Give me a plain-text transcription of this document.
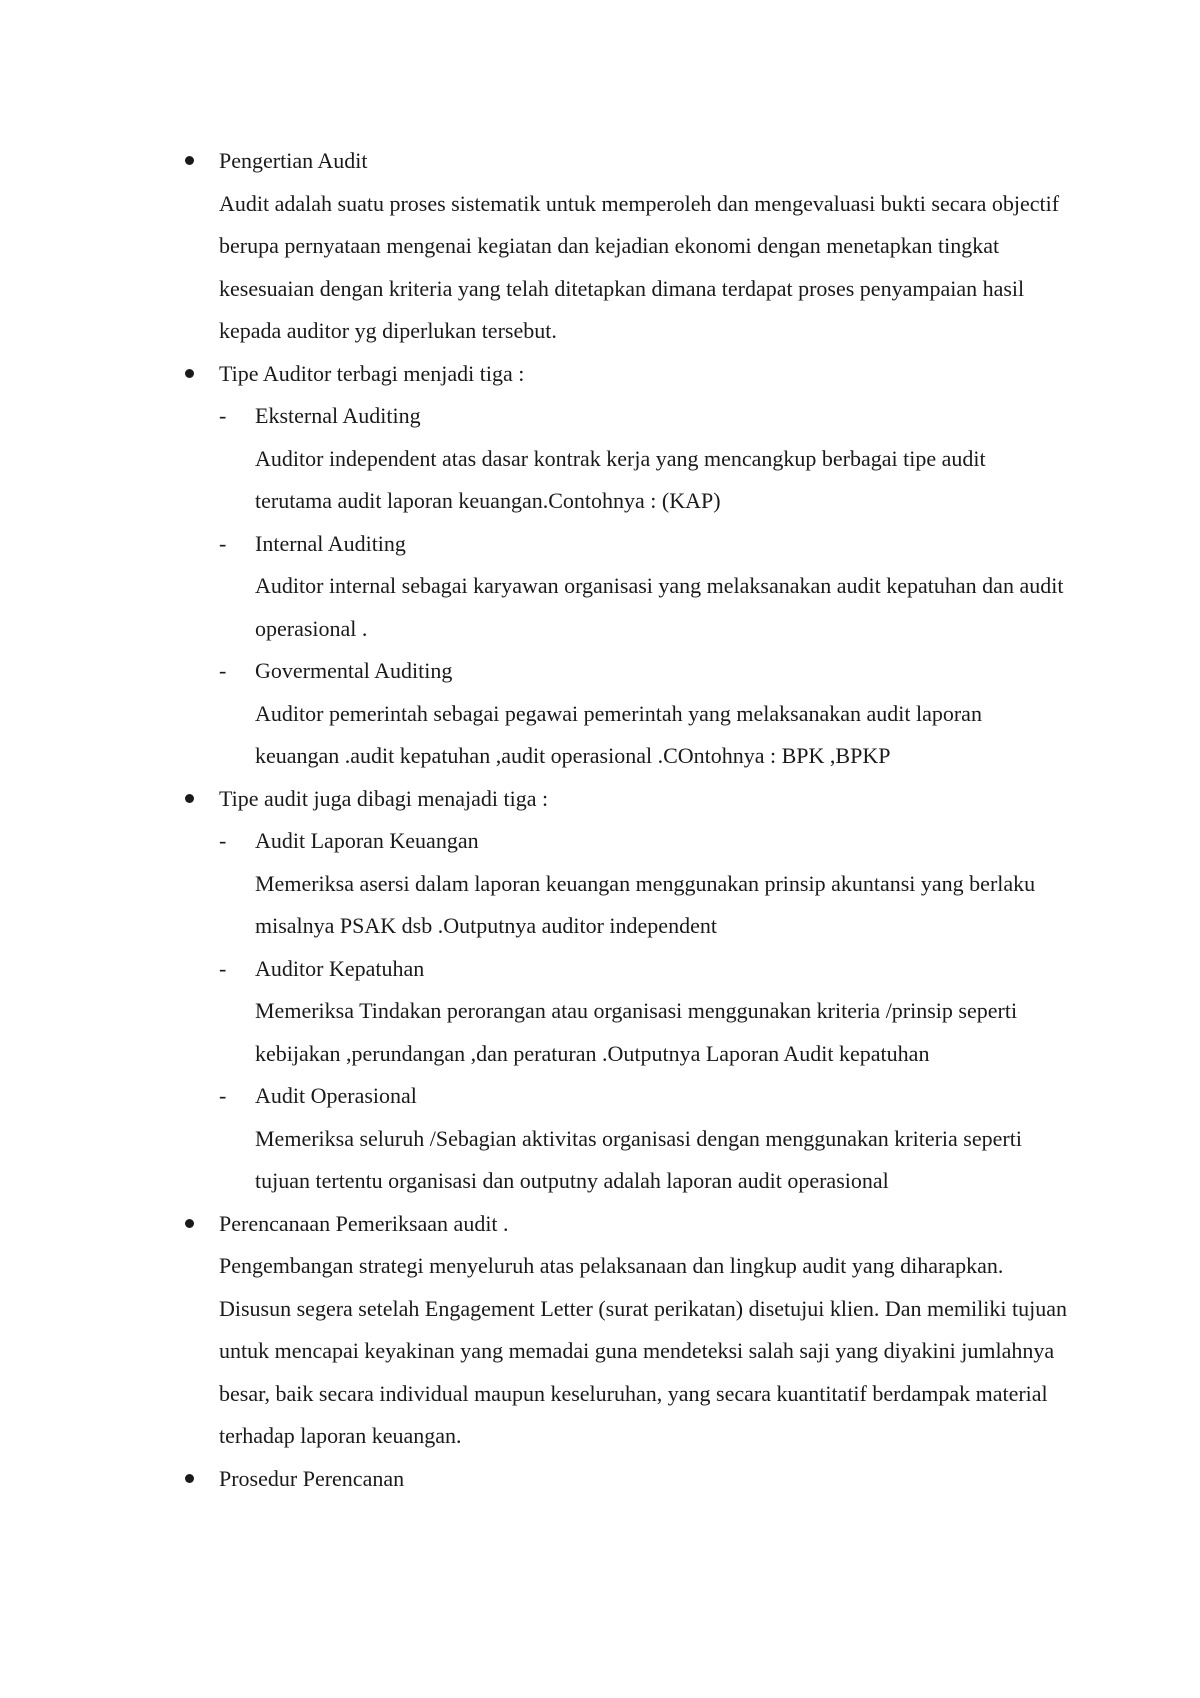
Pengertian Audit
Audit adalah suatu proses sistematik untuk memperoleh dan mengevaluasi bukti secara objectif berupa pernyataan mengenai kegiatan dan kejadian ekonomi dengan menetapkan tingkat kesesuaian dengan kriteria yang telah ditetapkan dimana terdapat proses penyampaian hasil kepada auditor yg diperlukan tersebut.
Tipe Auditor terbagi menjadi tiga :
- Eksternal Auditing
Auditor independent atas dasar kontrak kerja yang mencangkup berbagai tipe audit terutama audit laporan keuangan.Contohnya : (KAP)
- Internal Auditing
Auditor internal sebagai karyawan organisasi yang melaksanakan audit kepatuhan dan audit operasional .
- Govermental Auditing
Auditor pemerintah sebagai pegawai pemerintah yang melaksanakan audit laporan keuangan .audit kepatuhan ,audit operasional .COntohnya : BPK ,BPKP
Tipe audit juga dibagi menajadi tiga :
- Audit Laporan Keuangan
Memeriksa asersi dalam laporan keuangan menggunakan prinsip akuntansi yang berlaku misalnya PSAK dsb .Outputnya auditor independent
- Auditor Kepatuhan
Memeriksa Tindakan perorangan atau organisasi menggunakan kriteria /prinsip seperti kebijakan ,perundangan ,dan peraturan .Outputnya Laporan Audit kepatuhan
- Audit Operasional
Memeriksa seluruh /Sebagian aktivitas organisasi dengan menggunakan kriteria seperti tujuan tertentu organisasi dan outputny adalah laporan audit operasional
Perencanaan Pemeriksaan audit .
Pengembangan strategi menyeluruh atas pelaksanaan dan lingkup audit yang diharapkan. Disusun segera setelah Engagement Letter (surat perikatan) disetujui klien. Dan memiliki tujuan untuk mencapai keyakinan yang memadai guna mendeteksi salah saji yang diyakini jumlahnya besar, baik secara individual maupun keseluruhan, yang secara kuantitatif berdampak material terhadap laporan keuangan.
Prosedur Perencanan
